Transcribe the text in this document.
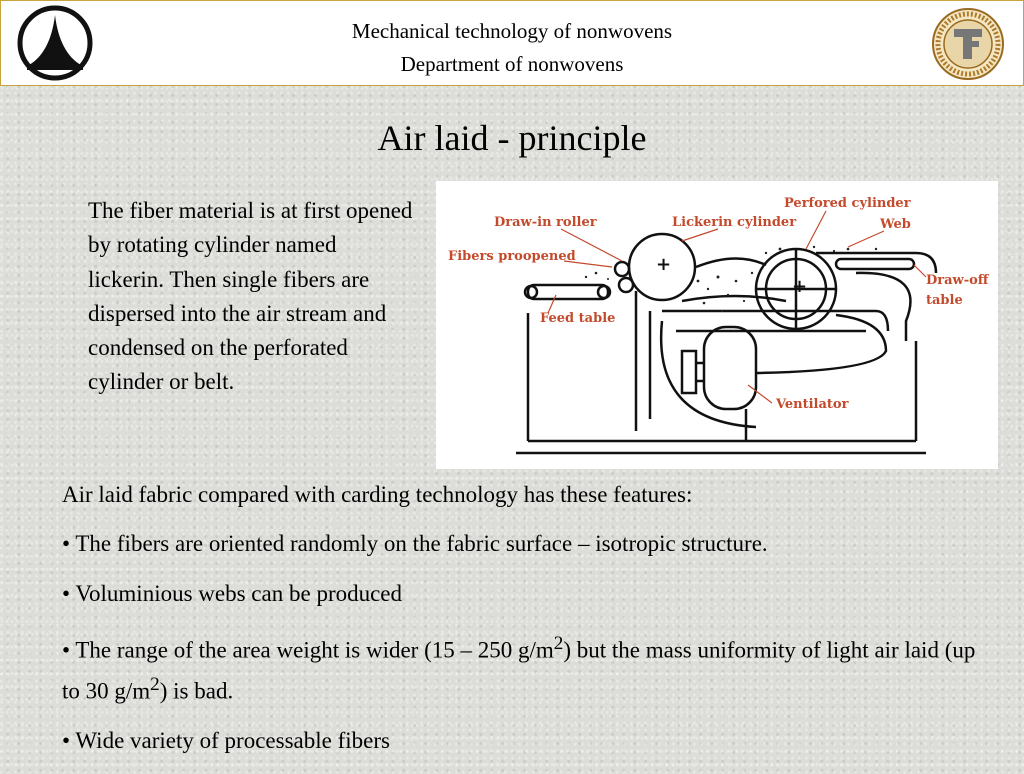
Mechanical technology of nonwovens
Department of nonwovens
Air laid - principle
The fiber material is at first opened by rotating cylinder named lickerin. Then single fibers are dispersed into the air stream and condensed on the perforated cylinder or belt.
Draw-in roller	Lickerin cylinder
Perfored cylinder
Web
Fibers proopened
Draw-off
table
Feed table
Ventilator
+
+

Air laid fabric compared with carding technology has these features:

• The fibers are oriented randomly on the fabric surface – isotropic structure.

• Voluminious webs can be produced

• The range of the area weight is wider (15 – 250 $g/m^2$) but the mass uniformity of light air laid (up to 30 $g/m^2$) is bad.

• Wide variety of processable fibers
